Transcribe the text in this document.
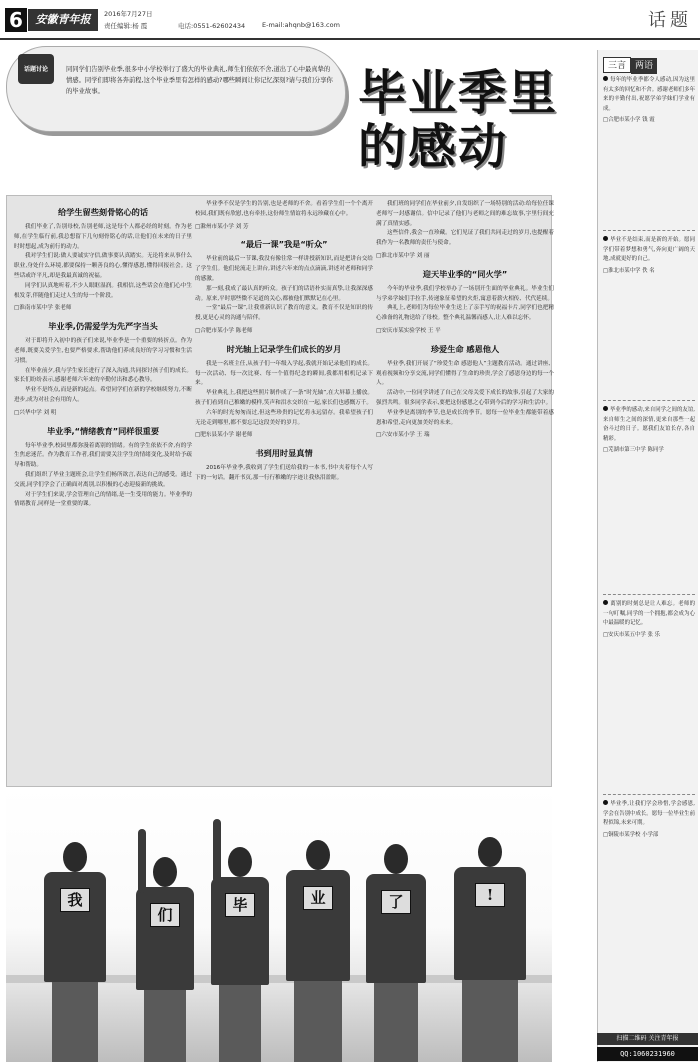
6	安徽青年报	2016年7月27日
责任编辑:杨 霞	电话:0551-62602434	E-mail:ahqnb@163.com	话题
话题讨论	同同学们告别毕业季,很多中小学校举行了盛大的毕业典礼,师生们依依不舍,道出了心中最真挚的情感。同学们即将各奔前程,这个毕业季里有怎样的感动?哪些瞬间让你记忆深刻?请与我们分享你的毕业故事。	毕业季里
的感动
给学生留些刻骨铭心的话

我们毕业了,告别母校,告别老师,这是每个人都必经的时刻。作为老师,在学生临行前,我总想留下几句刻骨铭心的话,让他们在未来的日子里时时想起,成为前行的动力。

我对学生们说:做人要诚实守信,做事要认真踏实。无论将来从事什么职业,身处什么环境,都要保持一颗善良的心,懂得感恩,懂得回报社会。这些话或许平凡,却是我最真诚的祝福。

同学们认真地听着,不少人眼眶湿润。我相信,这些话会在他们心中生根发芽,伴随他们走过人生的每一个阶段。

□淮南市某中学 张老师
毕业季,仍需爱学为先严字当头

对于即将升入初中的孩子们来说,毕业季是一个重要的转折点。作为老师,既要关爱学生,也要严格要求,帮助他们养成良好的学习习惯和生活习惯。

在毕业前夕,我与学生家长进行了深入沟通,共同探讨孩子们的成长。家长们纷纷表示,感谢老师六年来的辛勤付出和悉心教导。

毕业不是终点,而是新的起点。希望同学们在新的学校继续努力,不断进步,成为对社会有用的人。

□兴华中学 刘 明
毕业季,“情绪教育”同样很重要

每年毕业季,校园里都弥漫着离别的情绪。有的学生依依不舍,有的学生焦虑迷茫。作为教育工作者,我们需要关注学生的情绪变化,及时给予疏导和帮助。

我们组织了毕业主题班会,让学生们畅所欲言,表达自己的感受。通过交流,同学们学会了正确面对离别,以积极的心态迎接新的挑战。

对于学生们来说,学会管理自己的情绪,是一生受用的能力。毕业季的情绪教育,同样是一堂重要的课。

毕业季不仅是学生的告别,也是老师的不舍。看着学生们一个个离开校园,我们既有欣慰,也有牵挂,这份师生情谊将永远珍藏在心中。

□滁州市某小学 刘 芳
“最后一课”我是“听众”

毕业前的最后一节课,我没有像往常一样讲授新知识,而是把讲台交给了学生们。他们轮流走上讲台,讲述六年来的点点滴滴,讲述对老师和同学的感激。

那一刻,我成了最认真的听众。孩子们的话语朴实而真挚,让我深深感动。原来,平时那些微不足道的关心,都被他们默默记在心里。

一堂“最后一课”,让我重新认识了教育的意义。教育不仅是知识的传授,更是心灵的沟通与陪伴。

□合肥市某小学 陈老师
时光轴上记录学生们成长的岁月

我是一名班主任,从孩子们一年级入学起,我就开始记录他们的成长。每一次活动、每一次比赛、每一个值得纪念的瞬间,我都用相机记录下来。

毕业典礼上,我把这些照片制作成了一条“时光轴”,在大屏幕上播放。孩子们看到自己稚嫩的模样,笑声和泪水交织在一起,家长们也感慨万千。

六年的时光匆匆而过,但这些珍贵的记忆将永远留存。我希望孩子们无论走到哪里,都不要忘记这段美好的岁月。

□肥东县某小学 谢老师
书到用时显真情

2016年毕业季,我收到了学生们送给我的一本书,书中夹着每个人写下的一句话。翻开书页,那一行行稚嫩的字迹让我热泪盈眶。

我们班的同学们在毕业前夕,自发组织了一场特别的活动:给每位任课老师写一封感谢信。信中记录了他们与老师之间的难忘故事,字里行间充满了真情实感。

这些信件,我会一直珍藏。它们见证了我们共同走过的岁月,也提醒着我作为一名教师的责任与使命。

□淮北市某中学 刘 丽
迎天毕业季的“同火学”

今年的毕业季,我们学校举办了一场别开生面的毕业典礼。毕业生们与学弟学妹们手拉手,传递象征希望的火炬,寓意着薪火相传、代代延续。

典礼上,老师们为每位毕业生送上了亲手写的祝福卡片,同学们也把精心准备的礼物送给了母校。整个典礼温馨而感人,让人难以忘怀。

□安庆市某实验学校 王 平
珍爱生命 感恩他人

毕业季,我们开展了“珍爱生命 感恩他人”主题教育活动。通过讲座、观看视频和分享交流,同学们懂得了生命的珍贵,学会了感恩身边的每一个人。

活动中,一位同学讲述了自己在父母关爱下成长的故事,引起了大家的强烈共鸣。很多同学表示,要把这份感恩之心带到今后的学习和生活中。

毕业季是离别的季节,也是成长的季节。愿每一位毕业生都能带着感恩和希望,走向更加美好的未来。

□六安市某小学 王 瑞
我
们
毕	业	了	!
三言 两语
每年的毕业季都令人感动,因为这里有太多的回忆和不舍。感谢老师们多年来的辛勤付出,祝愿学弟学妹们学业有成。
□合肥市某小学 钱 霞
毕业不是结束,而是新的开始。愿同学们带着梦想和勇气,奔向更广阔的天地,成就更好的自己。
□淮北市某中学 佚 名
毕业季的感动,来自同学之间的友谊,来自师生之间的深情,更来自那些一起奋斗过的日子。愿我们友谊长存,各自精彩。
□芜湖市第三中学 陈同学
离别的时刻总是让人难忘。老师的一句叮嘱,同学的一个拥抱,都会成为心中最温暖的记忆。
□安庆市某五中学 张 乐
毕业季,让我们学会珍惜,学会感恩,学会在告别中成长。愿每一位毕业生前程似锦,未来可期。
□铜陵市某学校 小学部
扫描二维码 关注青年报
QQ:1060231960
